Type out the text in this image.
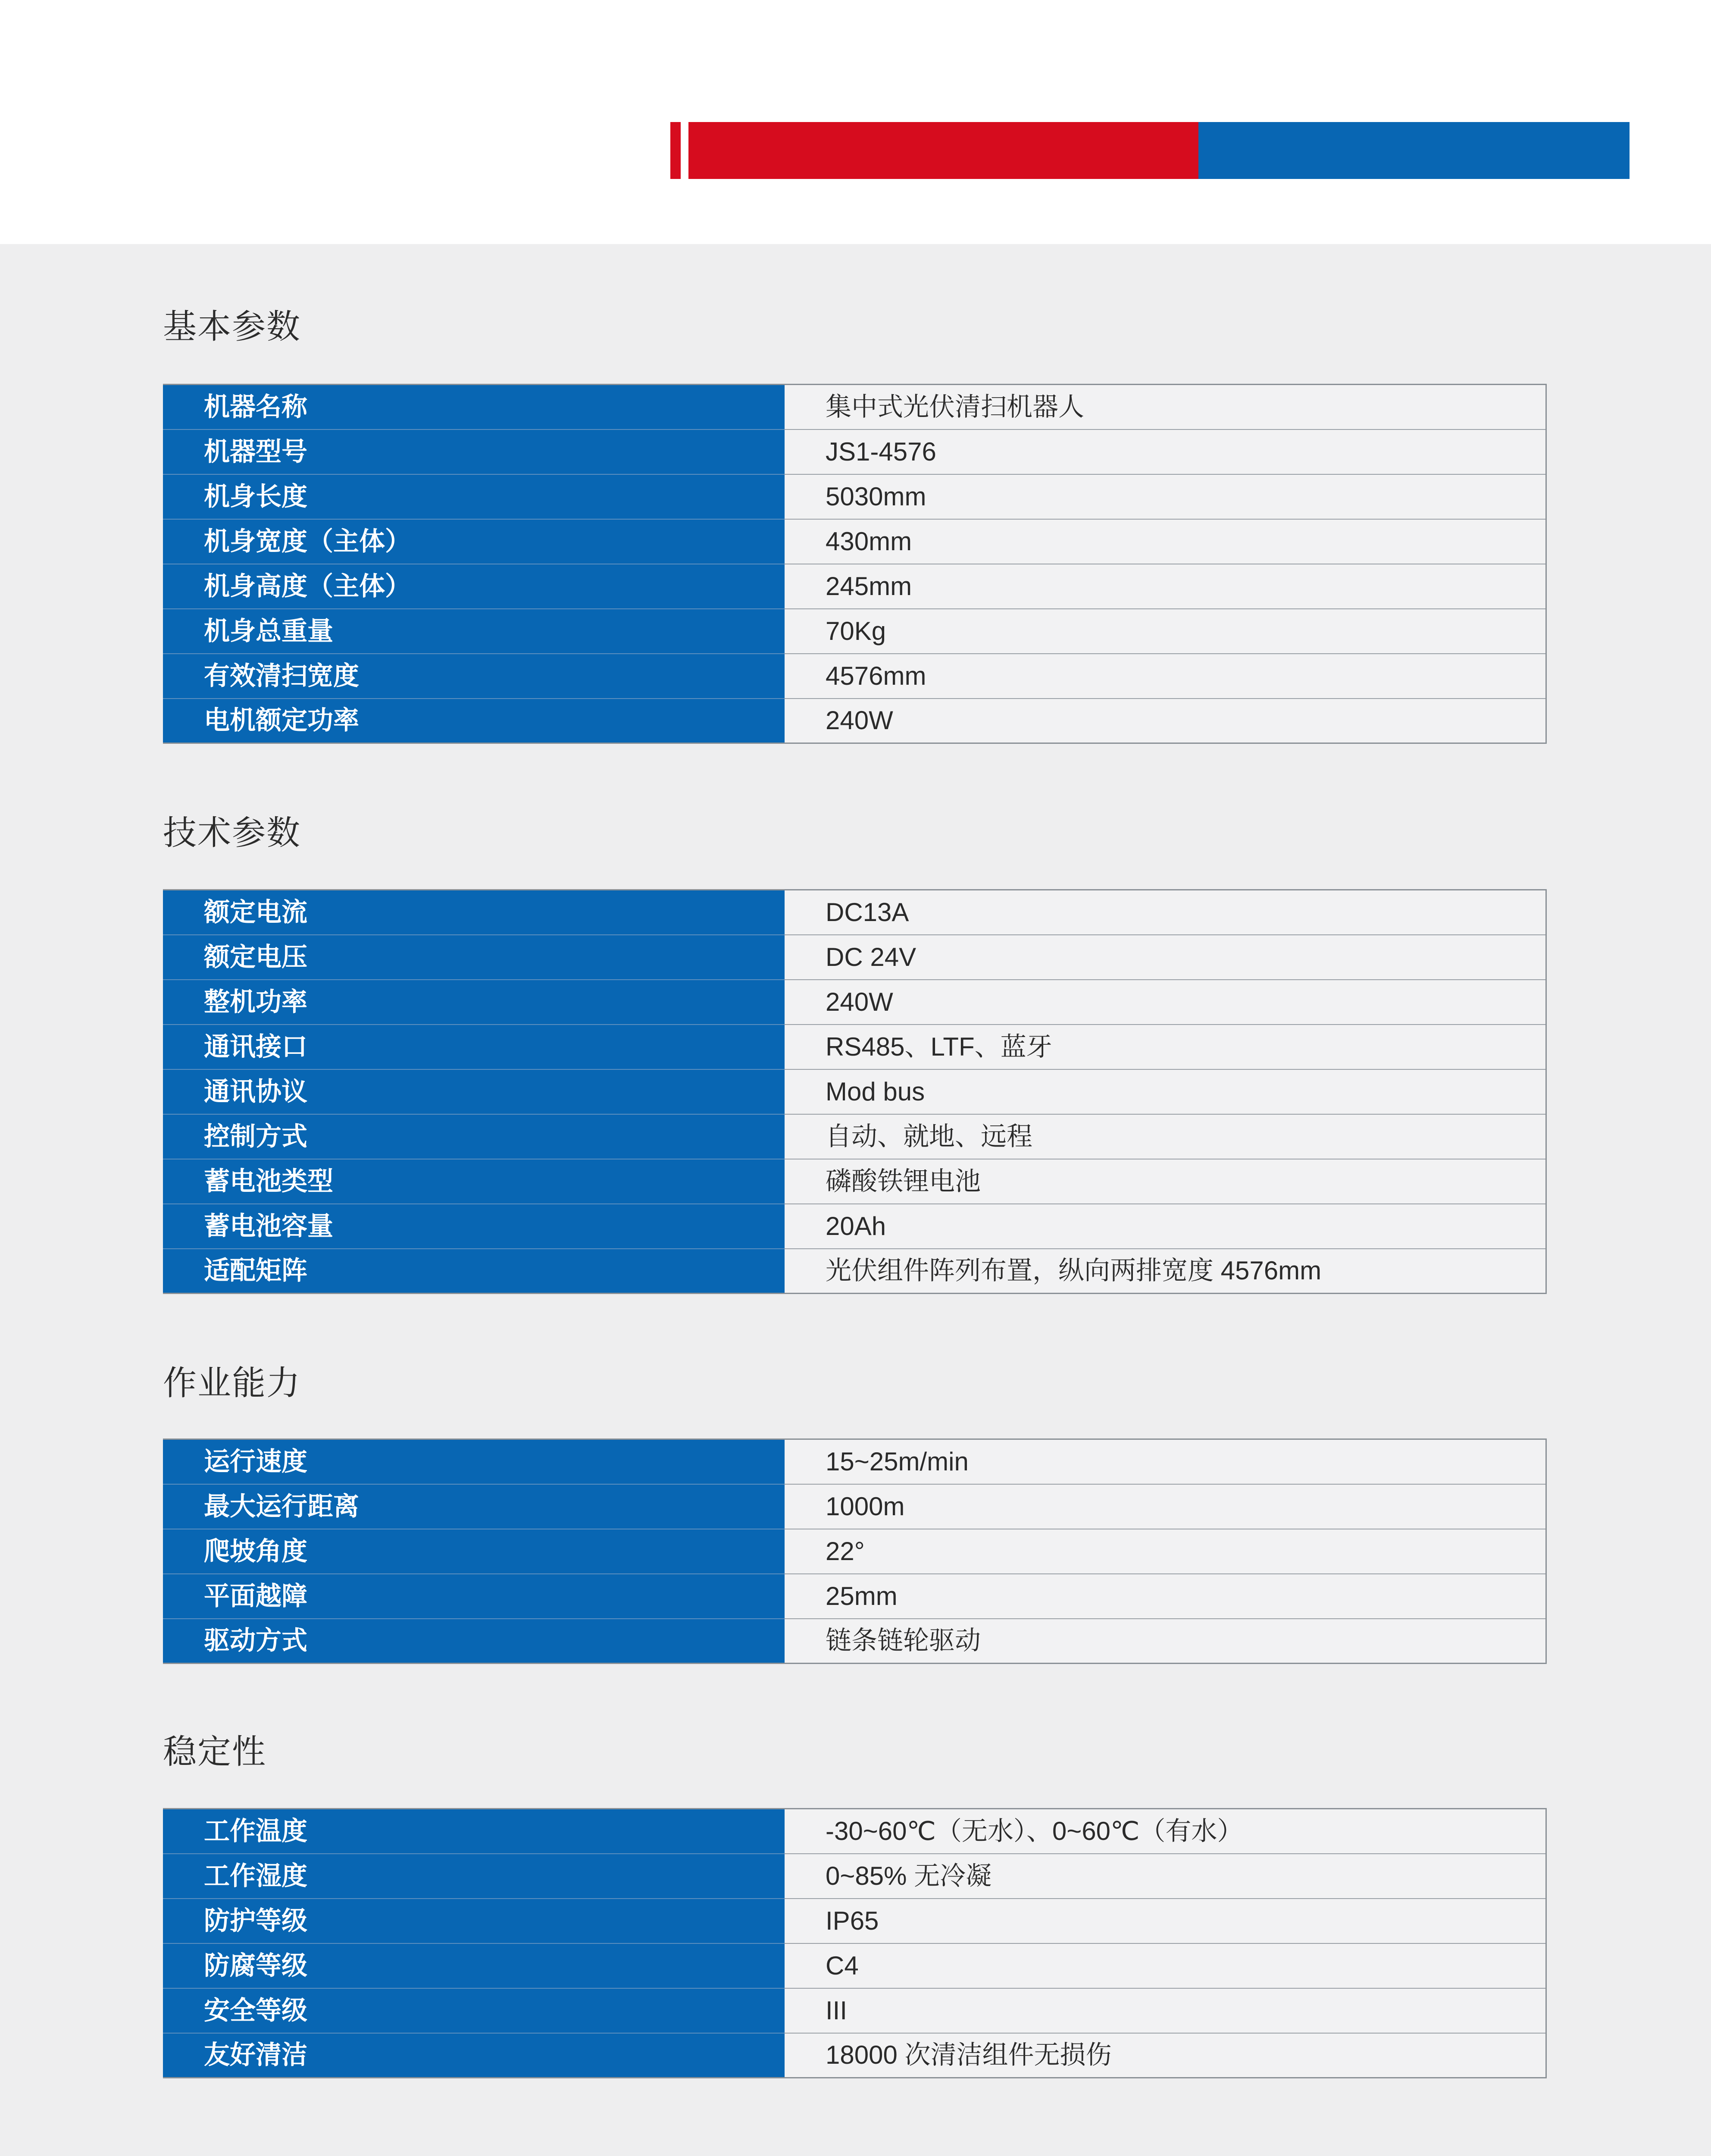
基本参数
机器名称	集中式光伏清扫机器人
机器型号	JS1-4576
机身长度	5030mm
机身宽度（主体）	430mm
机身高度（主体）	245mm
机身总重量	70Kg
有效清扫宽度	4576mm
电机额定功率	240W
技术参数
额定电流	DC13A
额定电压	DC 24V
整机功率	240W
通讯接口	RS485、LTF、蓝牙
通讯协议	Mod bus
控制方式	自动、就地、远程
蓄电池类型	磷酸铁锂电池
蓄电池容量	20Ah
适配矩阵	光伏组件阵列布置，纵向两排宽度 4576mm
作业能力
运行速度	15~25m/min
最大运行距离	1000m
爬坡角度	22°
平面越障	25mm
驱动方式	链条链轮驱动
稳定性
工作温度	-30~60℃（无水）、0~60℃（有水）
工作湿度	0~85% 无冷凝
防护等级	IP65
防腐等级	C4
安全等级	III
友好清洁	18000 次清洁组件无损伤
